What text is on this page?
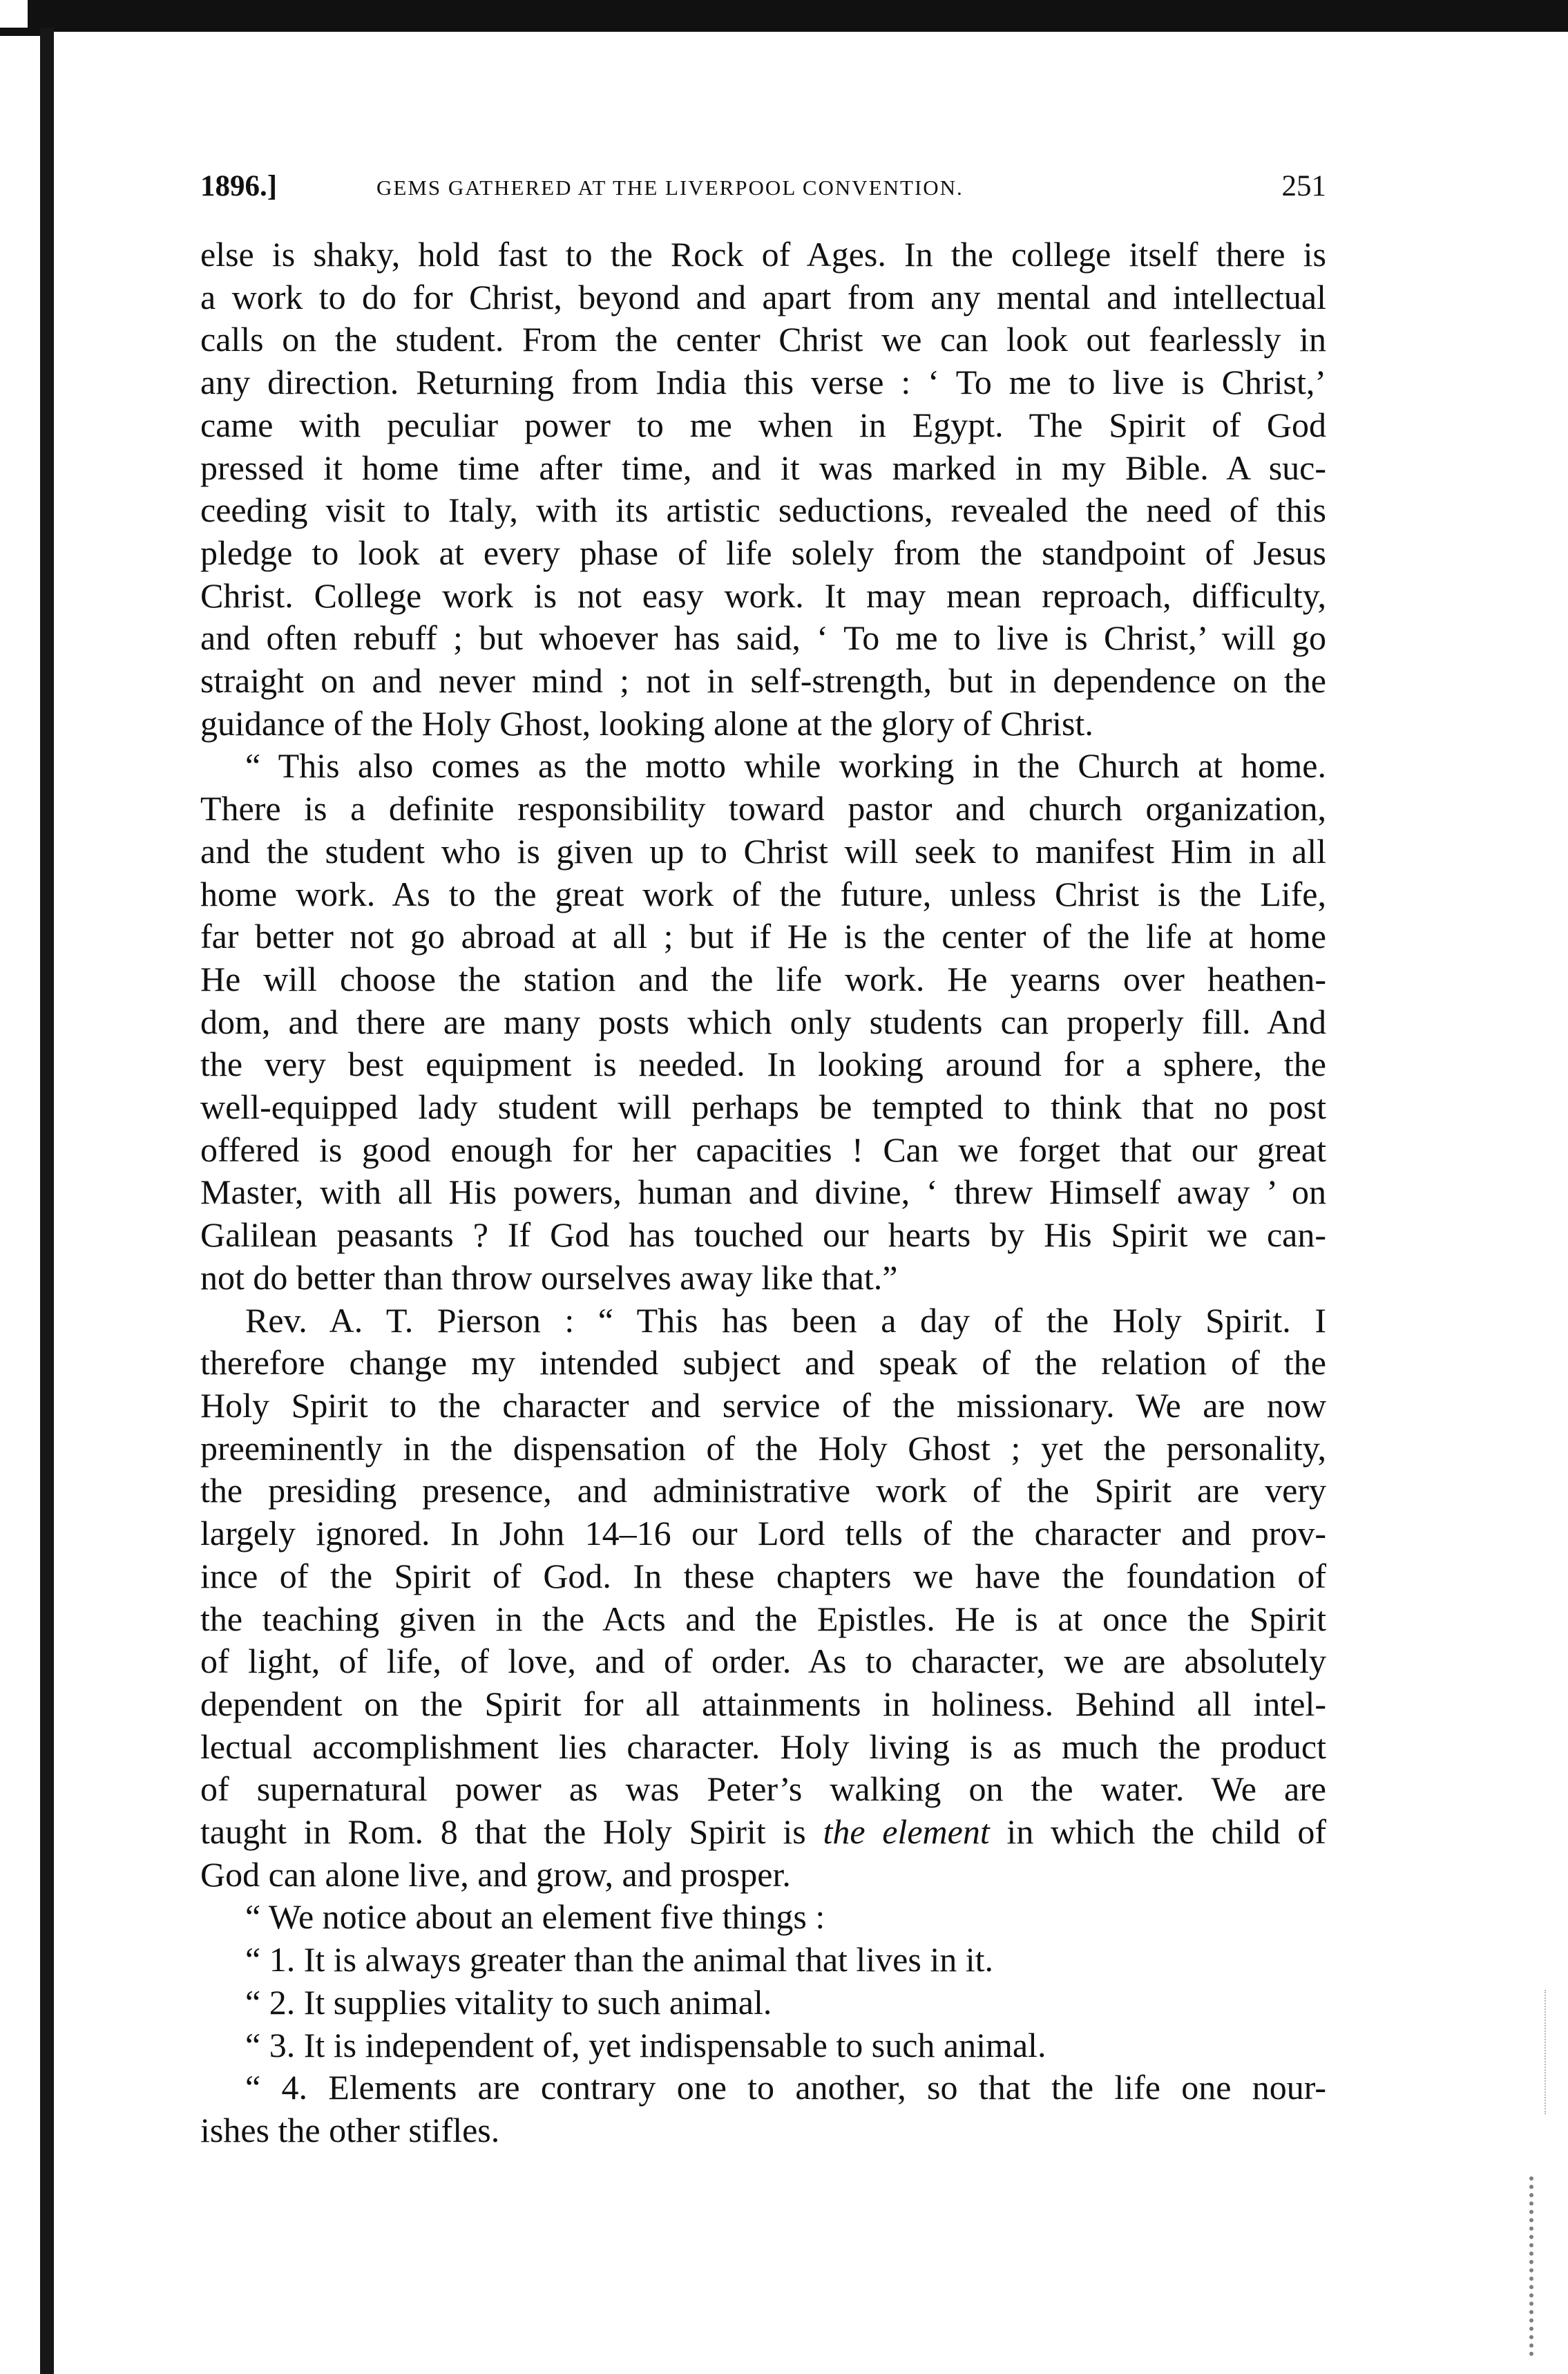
1896.]	GEMS GATHERED AT THE LIVERPOOL CONVENTION.	251
else is shaky, hold fast to the Rock of Ages. In the college itself there is
a work to do for Christ, beyond and apart from any mental and intellectual
calls on the student. From the center Christ we can look out fearlessly in
any direction. Returning from India this verse : ‘ To me to live is Christ,’
came with peculiar power to me when in Egypt. The Spirit of God
pressed it home time after time, and it was marked in my Bible. A suc-
ceeding visit to Italy, with its artistic seductions, revealed the need of this
pledge to look at every phase of life solely from the standpoint of Jesus
Christ. College work is not easy work. It may mean reproach, difficulty,
and often rebuff ; but whoever has said, ‘ To me to live is Christ,’ will go
straight on and never mind ; not in self-strength, but in dependence on the
guidance of the Holy Ghost, looking alone at the glory of Christ.
“ This also comes as the motto while working in the Church at home.
There is a definite responsibility toward pastor and church organization,
and the student who is given up to Christ will seek to manifest Him in all
home work. As to the great work of the future, unless Christ is the Life,
far better not go abroad at all ; but if He is the center of the life at home
He will choose the station and the life work. He yearns over heathen-
dom, and there are many posts which only students can properly fill. And
the very best equipment is needed. In looking around for a sphere, the
well-equipped lady student will perhaps be tempted to think that no post
offered is good enough for her capacities ! Can we forget that our great
Master, with all His powers, human and divine, ‘ threw Himself away ’ on
Galilean peasants ? If God has touched our hearts by His Spirit we can-
not do better than throw ourselves away like that.”
Rev. A. T. Pierson : “ This has been a day of the Holy Spirit. I
therefore change my intended subject and speak of the relation of the
Holy Spirit to the character and service of the missionary. We are now
preeminently in the dispensation of the Holy Ghost ; yet the personality,
the presiding presence, and administrative work of the Spirit are very
largely ignored. In John 14–16 our Lord tells of the character and prov-
ince of the Spirit of God. In these chapters we have the foundation of
the teaching given in the Acts and the Epistles. He is at once the Spirit
of light, of life, of love, and of order. As to character, we are absolutely
dependent on the Spirit for all attainments in holiness. Behind all intel-
lectual accomplishment lies character. Holy living is as much the product
of supernatural power as was Peter’s walking on the water. We are
taught in Rom. 8 that the Holy Spirit is the element in which the child of
God can alone live, and grow, and prosper.
“ We notice about an element five things :
“ 1. It is always greater than the animal that lives in it.
“ 2. It supplies vitality to such animal.
“ 3. It is independent of, yet indispensable to such animal.
“ 4. Elements are contrary one to another, so that the life one nour-
ishes the other stifles.
